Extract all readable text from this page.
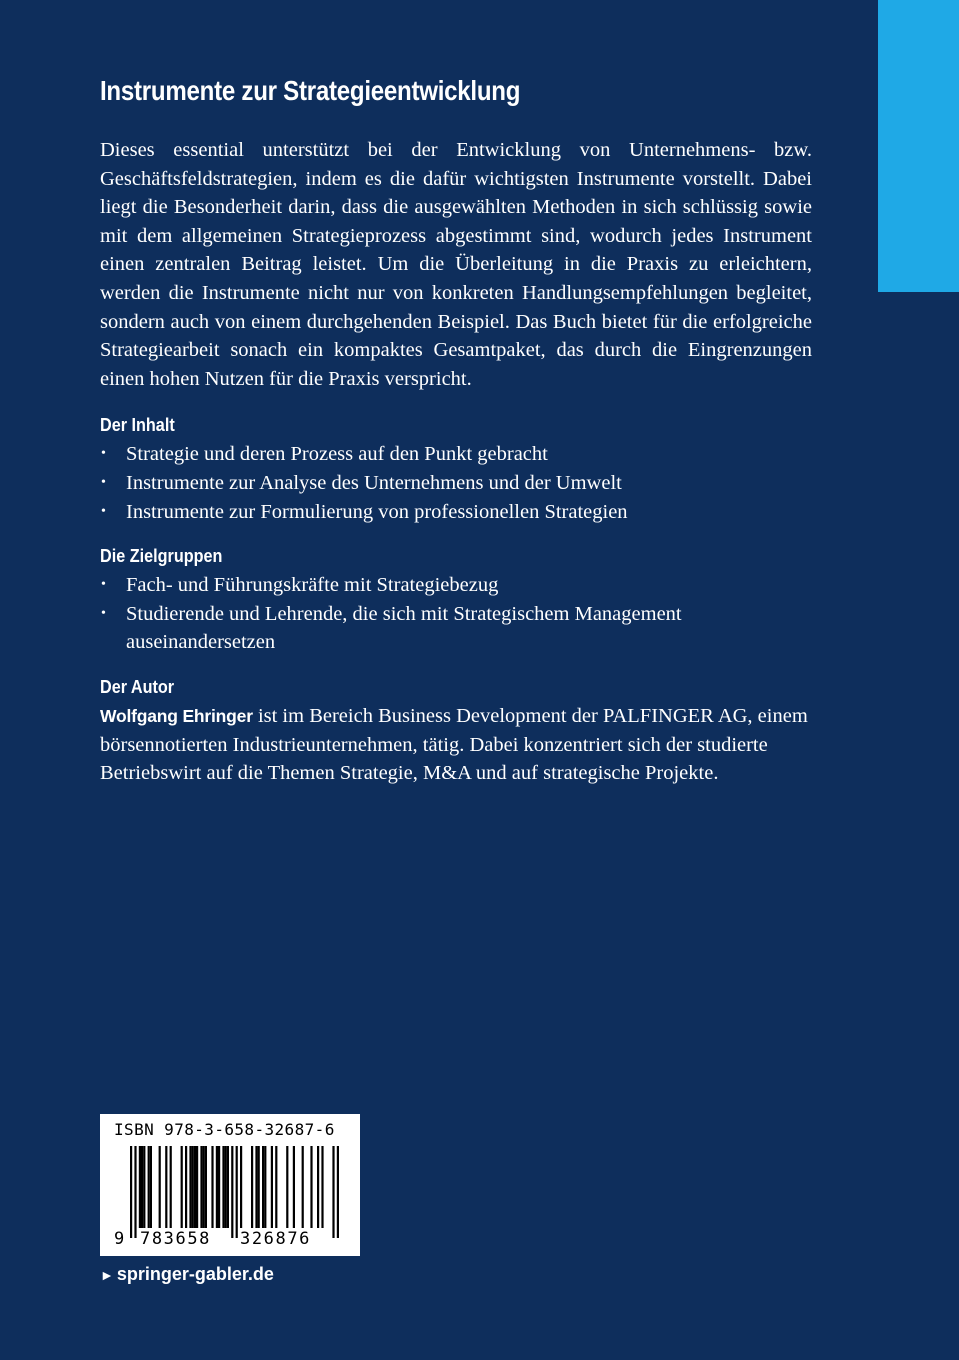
Instrumente zur Strategieentwicklung

Dieses essential unterstützt bei der Entwicklung von Unternehmens- bzw. Geschäftsfeldstrategien, indem es die dafür wichtigsten Instrumente vorstellt. Dabei liegt die Besonderheit darin, dass die ausgewählten Methoden in sich schlüssig sowie mit dem allgemeinen Strategieprozess abgestimmt sind, wodurch jedes Instrument einen zentralen Beitrag leistet. Um die Überleitung in die Praxis zu erleichtern, werden die Instrumente nicht nur von konkreten Handlungsempfehlungen begleitet, sondern auch von einem durchgehenden Beispiel. Das Buch bietet für die erfolgreiche Strategiearbeit sonach ein kompaktes Gesamtpaket, das durch die Eingrenzungen einen hohen Nutzen für die Praxis verspricht.

Der Inhalt
• Strategie und deren Prozess auf den Punkt gebracht
• Instrumente zur Analyse des Unternehmens und der Umwelt
• Instrumente zur Formulierung von professionellen Strategien
Die Zielgruppen
• Fach- und Führungskräfte mit Strategiebezug
• Studierende und Lehrende, die sich mit Strategischem Management auseinandersetzen
Der Autor

Wolfgang Ehringer ist im Bereich Business Development der PALFINGER AG, einem börsennotierten Industrieunternehmen, tätig. Dabei konzentriert sich der studierte Betriebswirt auf die Themen Strategie, M&A und auf strategische Projekte.

ISBN 978-3-658-32687-6
9 783658 326876
► springer-gabler.de
